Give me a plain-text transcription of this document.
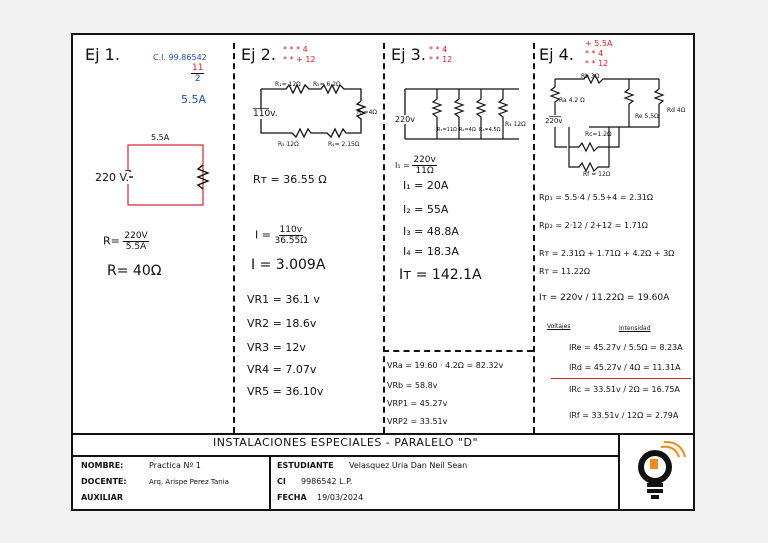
Ej 1.	C.I. 99.86542
$\frac{11}{2}$
5.5A
5.5A
220 V.
$R= \frac{220V}{5.5A}$
R= 40Ω
Ej 2. * * * 4
* * + 12
R₁= 12Ω R₂= 6.2Ω
R₃=4Ω
R₄= 2.15Ω
R₅ 12Ω
110v.
Rᴛ = 36.55 Ω
$I = \frac{110v}{36.55\Omega}$
I = 3.009A
VR1 = 36.1 v
VR2 = 18.6v
VR3 = 12v
VR4 = 7.07v
VR5 = 36.10v
Ej 3. * * 4
* * 12
220v
R₁=11Ω R₂=4Ω R₃=4.5Ω
R₄ 12Ω
$I_1 = \frac{220v}{11\Omega}$
I₁ = 20A
I₂ = 55A
I₃ = 48.8A
I₄ = 18.3A
Iᴛ = 142.1A
VRa = 19.60 · 4.2Ω = 82.32v
VRb = 58.8v
VRP1 = 45.27v
VRP2 = 33.51v
Ej 4.
+ 5.5A
* * 4
* * 12
Rb 3Ω
Ra 4.2 Ω
220v
Rc=1.2Ω
Re 5.5Ω
Rd 4Ω
Rf = 12Ω
Rp₁ = 5.5·4 / 5.5+4 = 2.31Ω
Rp₂ = 2·12 / 2+12 = 1.71Ω
Rᴛ = 2.31Ω + 1.71Ω + 4.2Ω + 3Ω
Rᴛ = 11.22Ω
Iᴛ = 220v / 11.22Ω = 19.60A
Voltajes	Intensidad
IRe = 45.27v / 5.5Ω = 8.23A
IRd = 45.27v / 4Ω = 11.31A
IRc = 33.51v / 2Ω = 16.75A
IRf = 33.51v / 12Ω = 2.79A
INSTALACIONES ESPECIALES - PARALELO "D"
NOMBRE:	Practica Nº 1
DOCENTE:	Arq. Arispe Perez Tania
AUXILIAR
ESTUDIANTE Velasquez Uria Dan Neil Sean
CI 9986542 L.P.
FECHA 19/03/2024
